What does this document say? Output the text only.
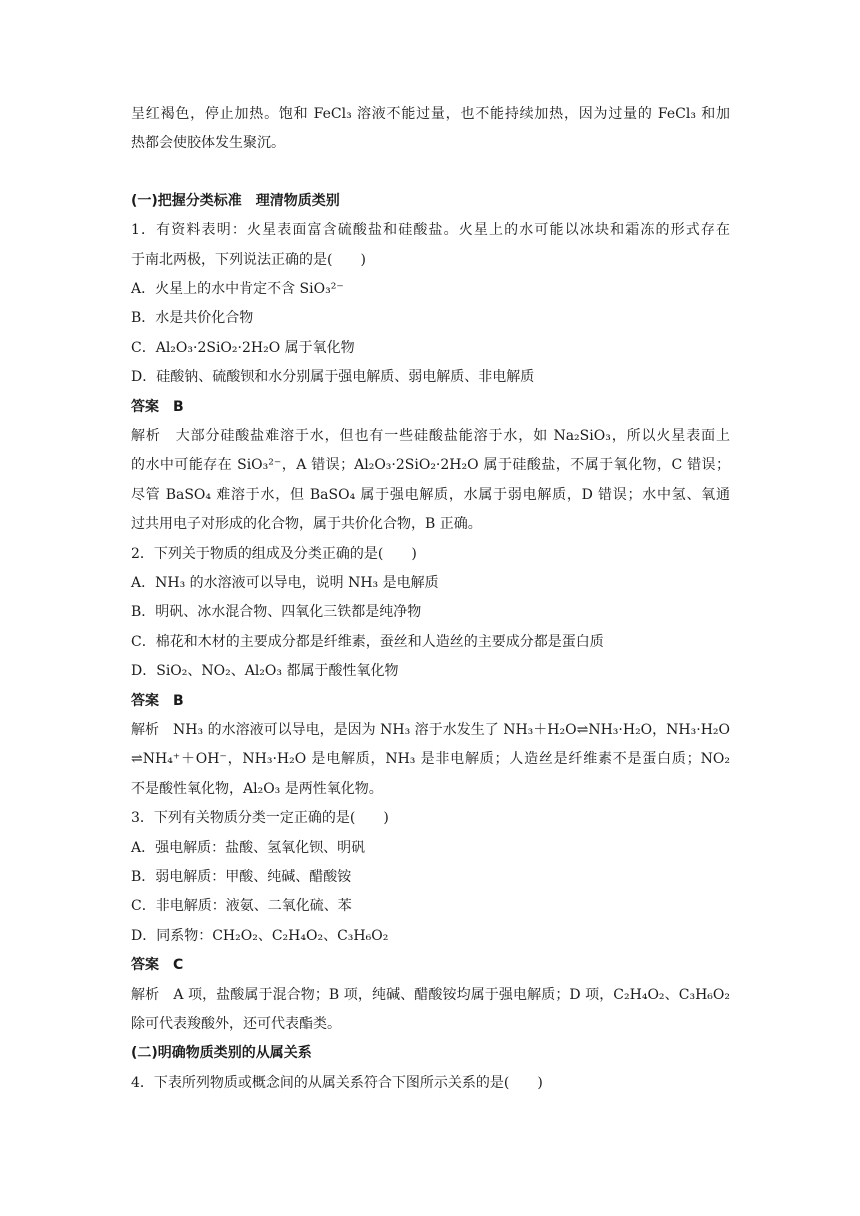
呈红褐色，停止加热。饱和 FeCl₃ 溶液不能过量，也不能持续加热，因为过量的 FeCl₃ 和加
热都会使胶体发生聚沉。
(一)把握分类标准　理清物质类别
1．有资料表明：火星表面富含硫酸盐和硅酸盐。火星上的水可能以冰块和霜冻的形式存在
于南北两极，下列说法正确的是(　　)
A．火星上的水中肯定不含 SiO₃²⁻
B．水是共价化合物
C．Al₂O₃·2SiO₂·2H₂O 属于氧化物
D．硅酸钠、硫酸钡和水分别属于强电解质、弱电解质、非电解质
答案　B
解析　大部分硅酸盐难溶于水，但也有一些硅酸盐能溶于水，如 Na₂SiO₃，所以火星表面上
的水中可能存在 SiO₃²⁻，A 错误；Al₂O₃·2SiO₂·2H₂O 属于硅酸盐，不属于氧化物，C 错误；
尽管 BaSO₄ 难溶于水，但 BaSO₄ 属于强电解质，水属于弱电解质，D 错误；水中氢、氧通
过共用电子对形成的化合物，属于共价化合物，B 正确。
2．下列关于物质的组成及分类正确的是(　　)
A．NH₃ 的水溶液可以导电，说明 NH₃ 是电解质
B．明矾、冰水混合物、四氧化三铁都是纯净物
C．棉花和木材的主要成分都是纤维素，蚕丝和人造丝的主要成分都是蛋白质
D．SiO₂、NO₂、Al₂O₃ 都属于酸性氧化物
答案　B
解析　NH₃ 的水溶液可以导电，是因为 NH₃ 溶于水发生了 NH₃＋H₂O⇌NH₃·H₂O，NH₃·H₂O
⇌NH₄⁺＋OH⁻，NH₃·H₂O 是电解质，NH₃ 是非电解质；人造丝是纤维素不是蛋白质；NO₂
不是酸性氧化物，Al₂O₃ 是两性氧化物。
3．下列有关物质分类一定正确的是(　　)
A．强电解质：盐酸、氢氧化钡、明矾
B．弱电解质：甲酸、纯碱、醋酸铵
C．非电解质：液氨、二氧化硫、苯
D．同系物：CH₂O₂、C₂H₄O₂、C₃H₆O₂
答案　C
解析　A 项，盐酸属于混合物；B 项，纯碱、醋酸铵均属于强电解质；D 项，C₂H₄O₂、C₃H₆O₂
除可代表羧酸外，还可代表酯类。
(二)明确物质类别的从属关系
4．下表所列物质或概念间的从属关系符合下图所示关系的是(　　)
